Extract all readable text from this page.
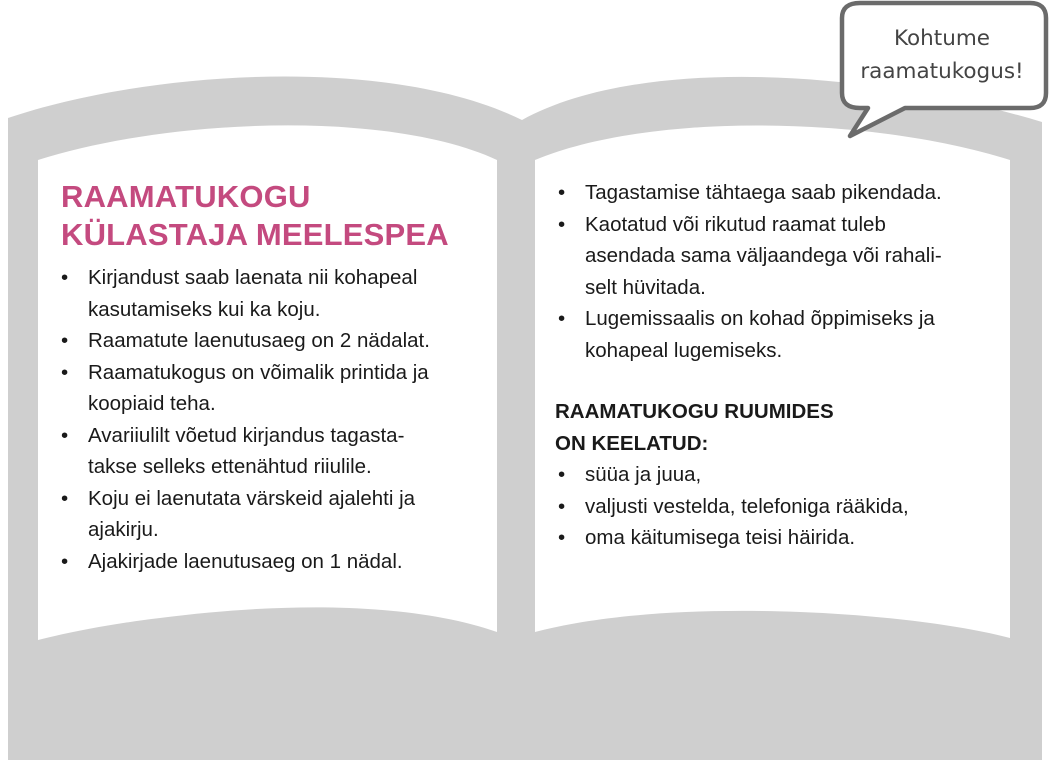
RAAMATUKOGU
KÜLASTAJA MEELESPEA
• Kirjandust saab laenata nii kohapeal
kasutamiseks kui ka koju.
• Raamatute laenutusaeg on 2 nädalat.
• Raamatukogus on võimalik printida ja
koopiaid teha.
• Avariiulilt võetud kirjandus tagasta-
takse selleks ettenähtud riiulile.
• Koju ei laenutata värskeid ajalehti ja
ajakirju.
• Ajakirjade laenutusaeg on 1 nädal.
• Tagastamise tähtaega saab pikendada.
• Kaotatud või rikutud raamat tuleb
asendada sama väljaandega või rahali-
selt hüvitada.
• Lugemissaalis on kohad õppimiseks ja
kohapeal lugemiseks.
RAAMATUKOGU RUUMIDES
ON KEELATUD:
• süüa ja juua,
• valjusti vestelda, telefoniga rääkida,
• oma käitumisega teisi häirida.
Kohtume
raamatukogus!
